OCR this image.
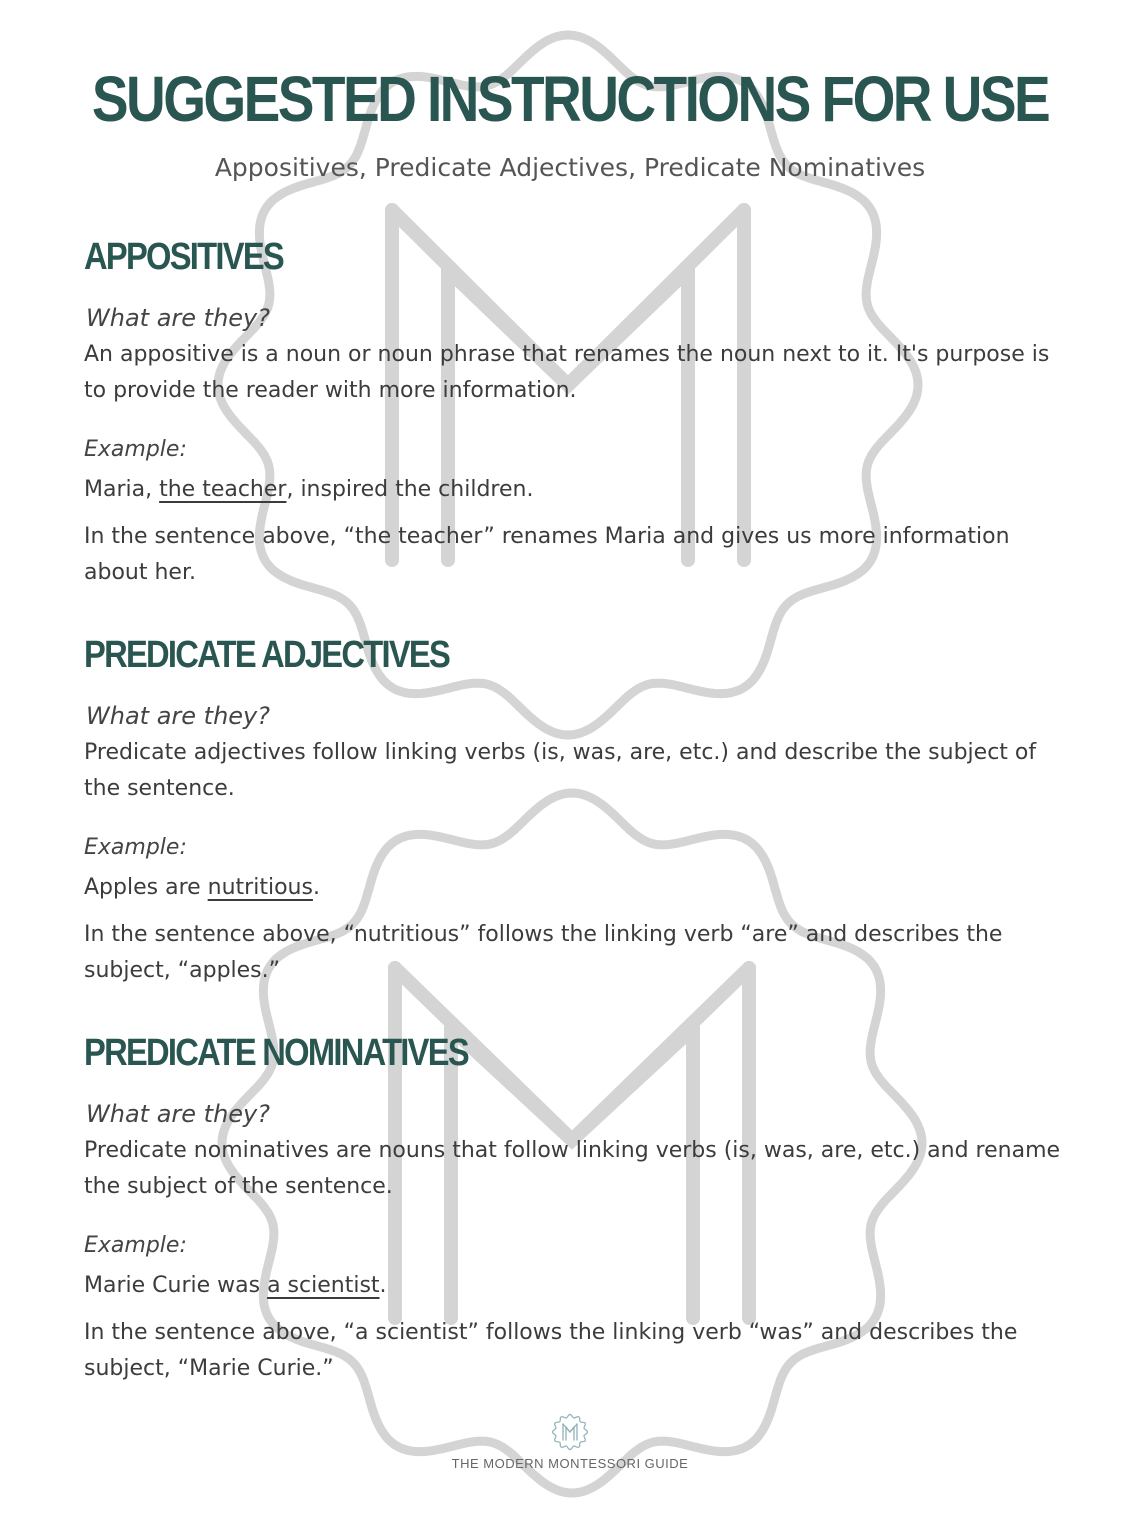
SUGGESTED INSTRUCTIONS FOR USE

Appositives, Predicate Adjectives, Predicate Nominatives

APPOSITIVES

What are they?

An appositive is a noun or noun phrase that renames the noun next to it. It's purpose is to provide the reader with more information.

Example:

Maria, the teacher, inspired the children.

In the sentence above, “the teacher” renames Maria and gives us more information about her.

PREDICATE ADJECTIVES

What are they?

Predicate adjectives follow linking verbs (is, was, are, etc.) and describe the subject of the sentence.

Example:

Apples are nutritious.

In the sentence above, “nutritious” follows the linking verb “are” and describes the subject, “apples.”

PREDICATE NOMINATIVES

What are they?

Predicate nominatives are nouns that follow linking verbs (is, was, are, etc.) and rename the subject of the sentence.

Example:

Marie Curie was a scientist.

In the sentence above, “a scientist” follows the linking verb “was” and describes the subject, “Marie Curie.”

THE MODERN MONTESSORI GUIDE
